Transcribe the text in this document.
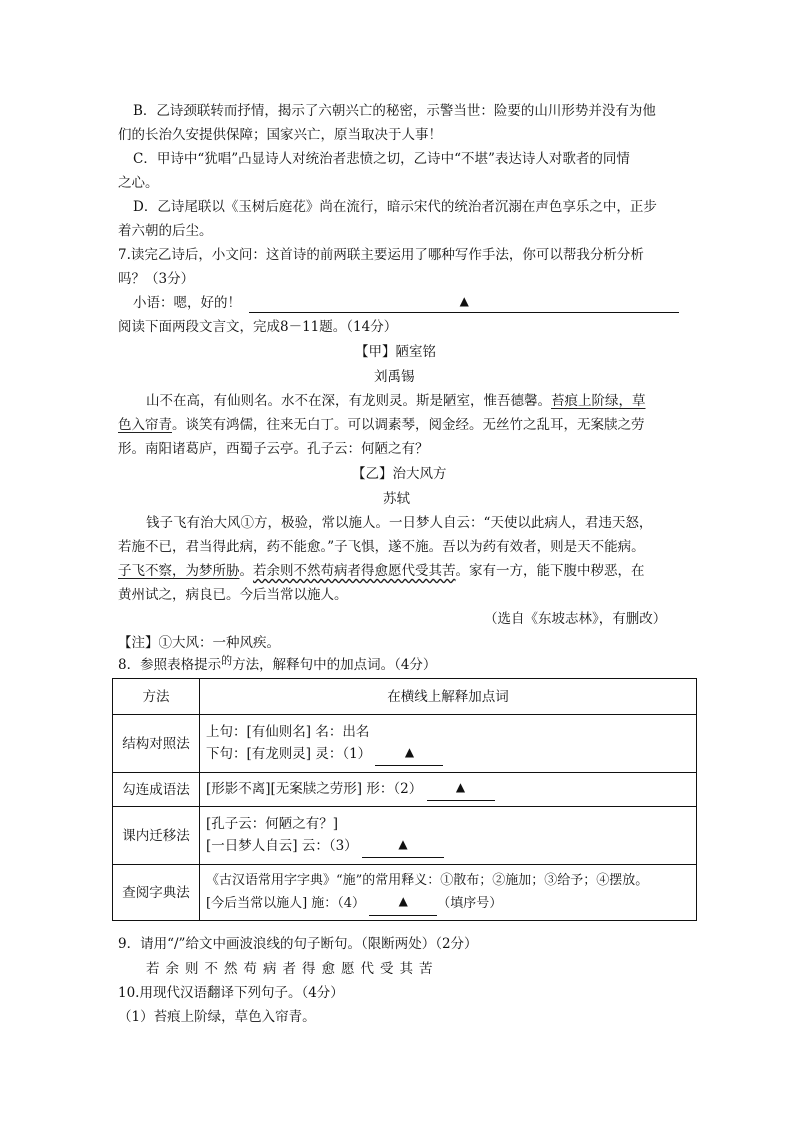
B．乙诗颈联转而抒情，揭示了六朝兴亡的秘密，示警当世：险要的山川形势并没有为他
们的长治久安提供保障；国家兴亡，原当取决于人事！
C．甲诗中“犹唱”凸显诗人对统治者悲愤之切，乙诗中“不堪”表达诗人对歌者的同情
之心。
D．乙诗尾联以《玉树后庭花》尚在流行，暗示宋代的统治者沉溺在声色享乐之中，正步
着六朝的后尘。
7.读完乙诗后，小文问：这首诗的前两联主要运用了哪种写作手法，你可以帮我分析分析
吗？（3分）
小语：嗯，好的！	▲
阅读下面两段文言文，完成8－11题。（14分）
【甲】陋室铭
刘禹锡
山不在高，有仙则名。水不在深，有龙则灵。斯是陋室，惟吾德馨。苔痕上阶绿，草
色入帘青。谈笑有鸿儒，往来无白丁。可以调素琴，阅金经。无丝竹之乱耳，无案牍之劳
形。南阳诸葛庐，西蜀子云亭。孔子云：何陋之有？
【乙】治大风方
苏轼
钱子飞有治大风①方，极验，常以施人。一日梦人自云：“天使以此病人，君违天怒，
若施不已，君当得此病，药不能愈。”子飞惧，遂不施。吾以为药有效者，则是天不能病。
子飞不察，为梦所胁。若余则不然苟病者得愈愿代受其苦。家有一方，能下腹中秽恶，在
黄州试之，病良已。今后当常以施人。
（选自《东坡志林》，有删改）
【注】①大风：一种风疾。
8．参照表格提示$^的$方法，解释句中的加点词。（4分）
方法	在横线上解释加点词
结构对照法	上句：[有仙则名] 名：出名
下句：[有龙则灵] 灵：（1） ▲

勾连成语法	[形影不离][无案牍之劳形] 形：（2） ▲

课内迁移法	[孔子云：何陋之有？]
[一日梦人自云] 云：（3） ▲

查阅字典法	《古汉语常用字字典》“施”的常用释义：①散布；②施加；③给予；④摆放。
[今后当常以施人] 施：（4） ▲ （填序号）
9．请用“/”给文中画波浪线的句子断句。（限断两处）（2分）
若余则不然苟病者得愈愿代受其苦
10.用现代汉语翻译下列句子。（4分）
（1）苔痕上阶绿，草色入帘青。
